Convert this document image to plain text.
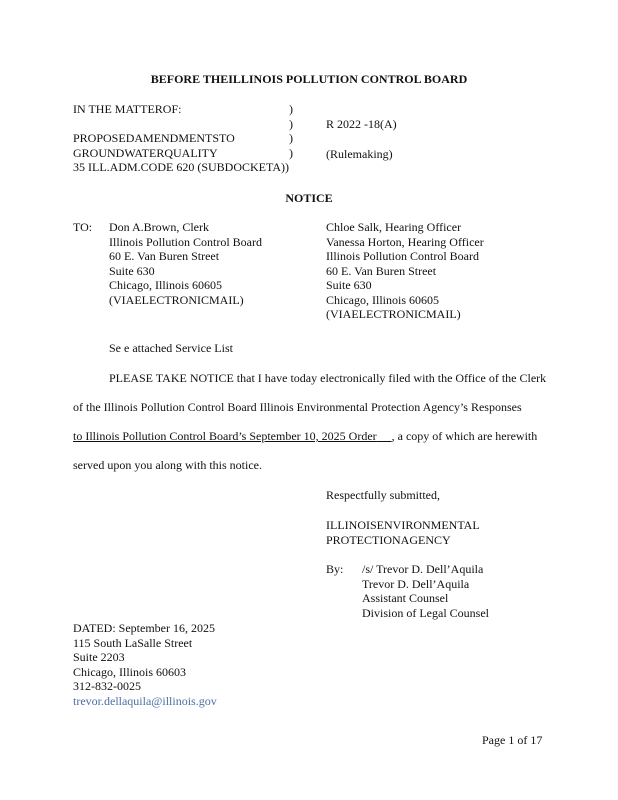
BEFORE THEILLINOIS POLLUTION CONTROL BOARD
IN THE MATTEROF:
PROPOSEDAMENDMENTSTO
GROUNDWATERQUALITY
35 ILL.ADM.CODE 620 (SUBDOCKETA))
)
)
)
)
R 2022 -18(A)
(Rulemaking)
NOTICE
TO: Don A.Brown, Clerk
Illinois Pollution Control Board
60 E. Van Buren Street
Suite 630
Chicago, Illinois 60605
(VIAELECTRONICMAIL)
Chloe Salk, Hearing Officer
Vanessa Horton, Hearing Officer
Illinois Pollution Control Board
60 E. Van Buren Street
Suite 630
Chicago, Illinois 60605
(VIAELECTRONICMAIL)
Se e attached Service List
PLEASE TAKE NOTICE that I have today electronically filed with the Office of the Clerk
of the Illinois Pollution Control Board Illinois Environmental Protection Agency’s Responses
to Illinois Pollution Control Board’s September 10, 2025 Order , a copy of which are herewith
served upon you along with this notice.
Respectfully submitted,
ILLINOISENVIRONMENTAL
PROTECTIONAGENCY
By: /s/ Trevor D. Dell’Aquila
Trevor D. Dell’Aquila
Assistant Counsel
Division of Legal Counsel
DATED: September 16, 2025
115 South LaSalle Street
Suite 2203
Chicago, Illinois 60603
312-832-0025
trevor.dellaquila@illinois.gov
Page 1 of 17
